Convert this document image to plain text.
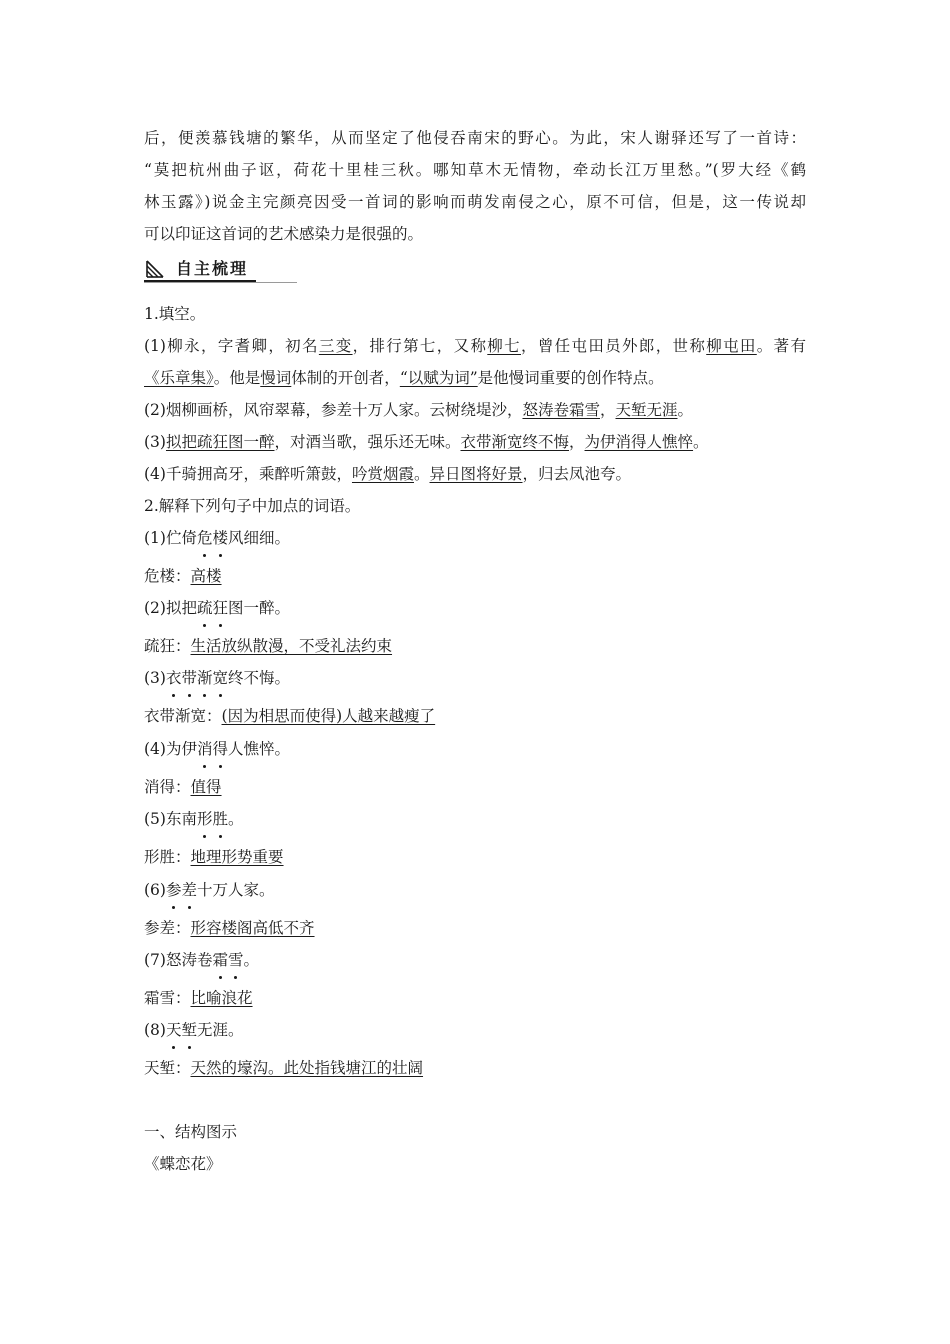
后，便羡慕钱塘的繁华，从而坚定了他侵吞南宋的野心。为此，宋人谢驿还写了一首诗：
“莫把杭州曲子讴，荷花十里桂三秋。哪知草木无情物，牵动长江万里愁。”(罗大经《鹤
林玉露》)说金主完颜亮因受一首词的影响而萌发南侵之心，原不可信，但是，这一传说却
可以印证这首词的艺术感染力是很强的。
自主梳理
1.填空。
(1)柳永，字耆卿，初名三变，排行第七，又称柳七，曾任屯田员外郎，世称柳屯田。著有
《乐章集》。他是慢词体制的开创者，“以赋为词”是他慢词重要的创作特点。
(2)烟柳画桥，风帘翠幕，参差十万人家。云树绕堤沙，怒涛卷霜雪，天堑无涯。
(3)拟把疏狂图一醉，对酒当歌，强乐还无味。衣带渐宽终不悔，为伊消得人憔悴。
(4)千骑拥高牙，乘醉听箫鼓，吟赏烟霞。异日图将好景，归去凤池夸。
2.解释下列句子中加点的词语。
(1)伫倚危楼风细细。
危楼：高楼
(2)拟把疏狂图一醉。
疏狂：生活放纵散漫，不受礼法约束
(3)衣带渐宽终不悔。
衣带渐宽：(因为相思而使得)人越来越瘦了
(4)为伊消得人憔悴。
消得：值得
(5)东南形胜。
形胜：地理形势重要
(6)参差十万人家。
参差：形容楼阁高低不齐
(7)怒涛卷霜雪。
霜雪：比喻浪花
(8)天堑无涯。
天堑：天然的壕沟。此处指钱塘江的壮阔
一、结构图示
《蝶恋花》
